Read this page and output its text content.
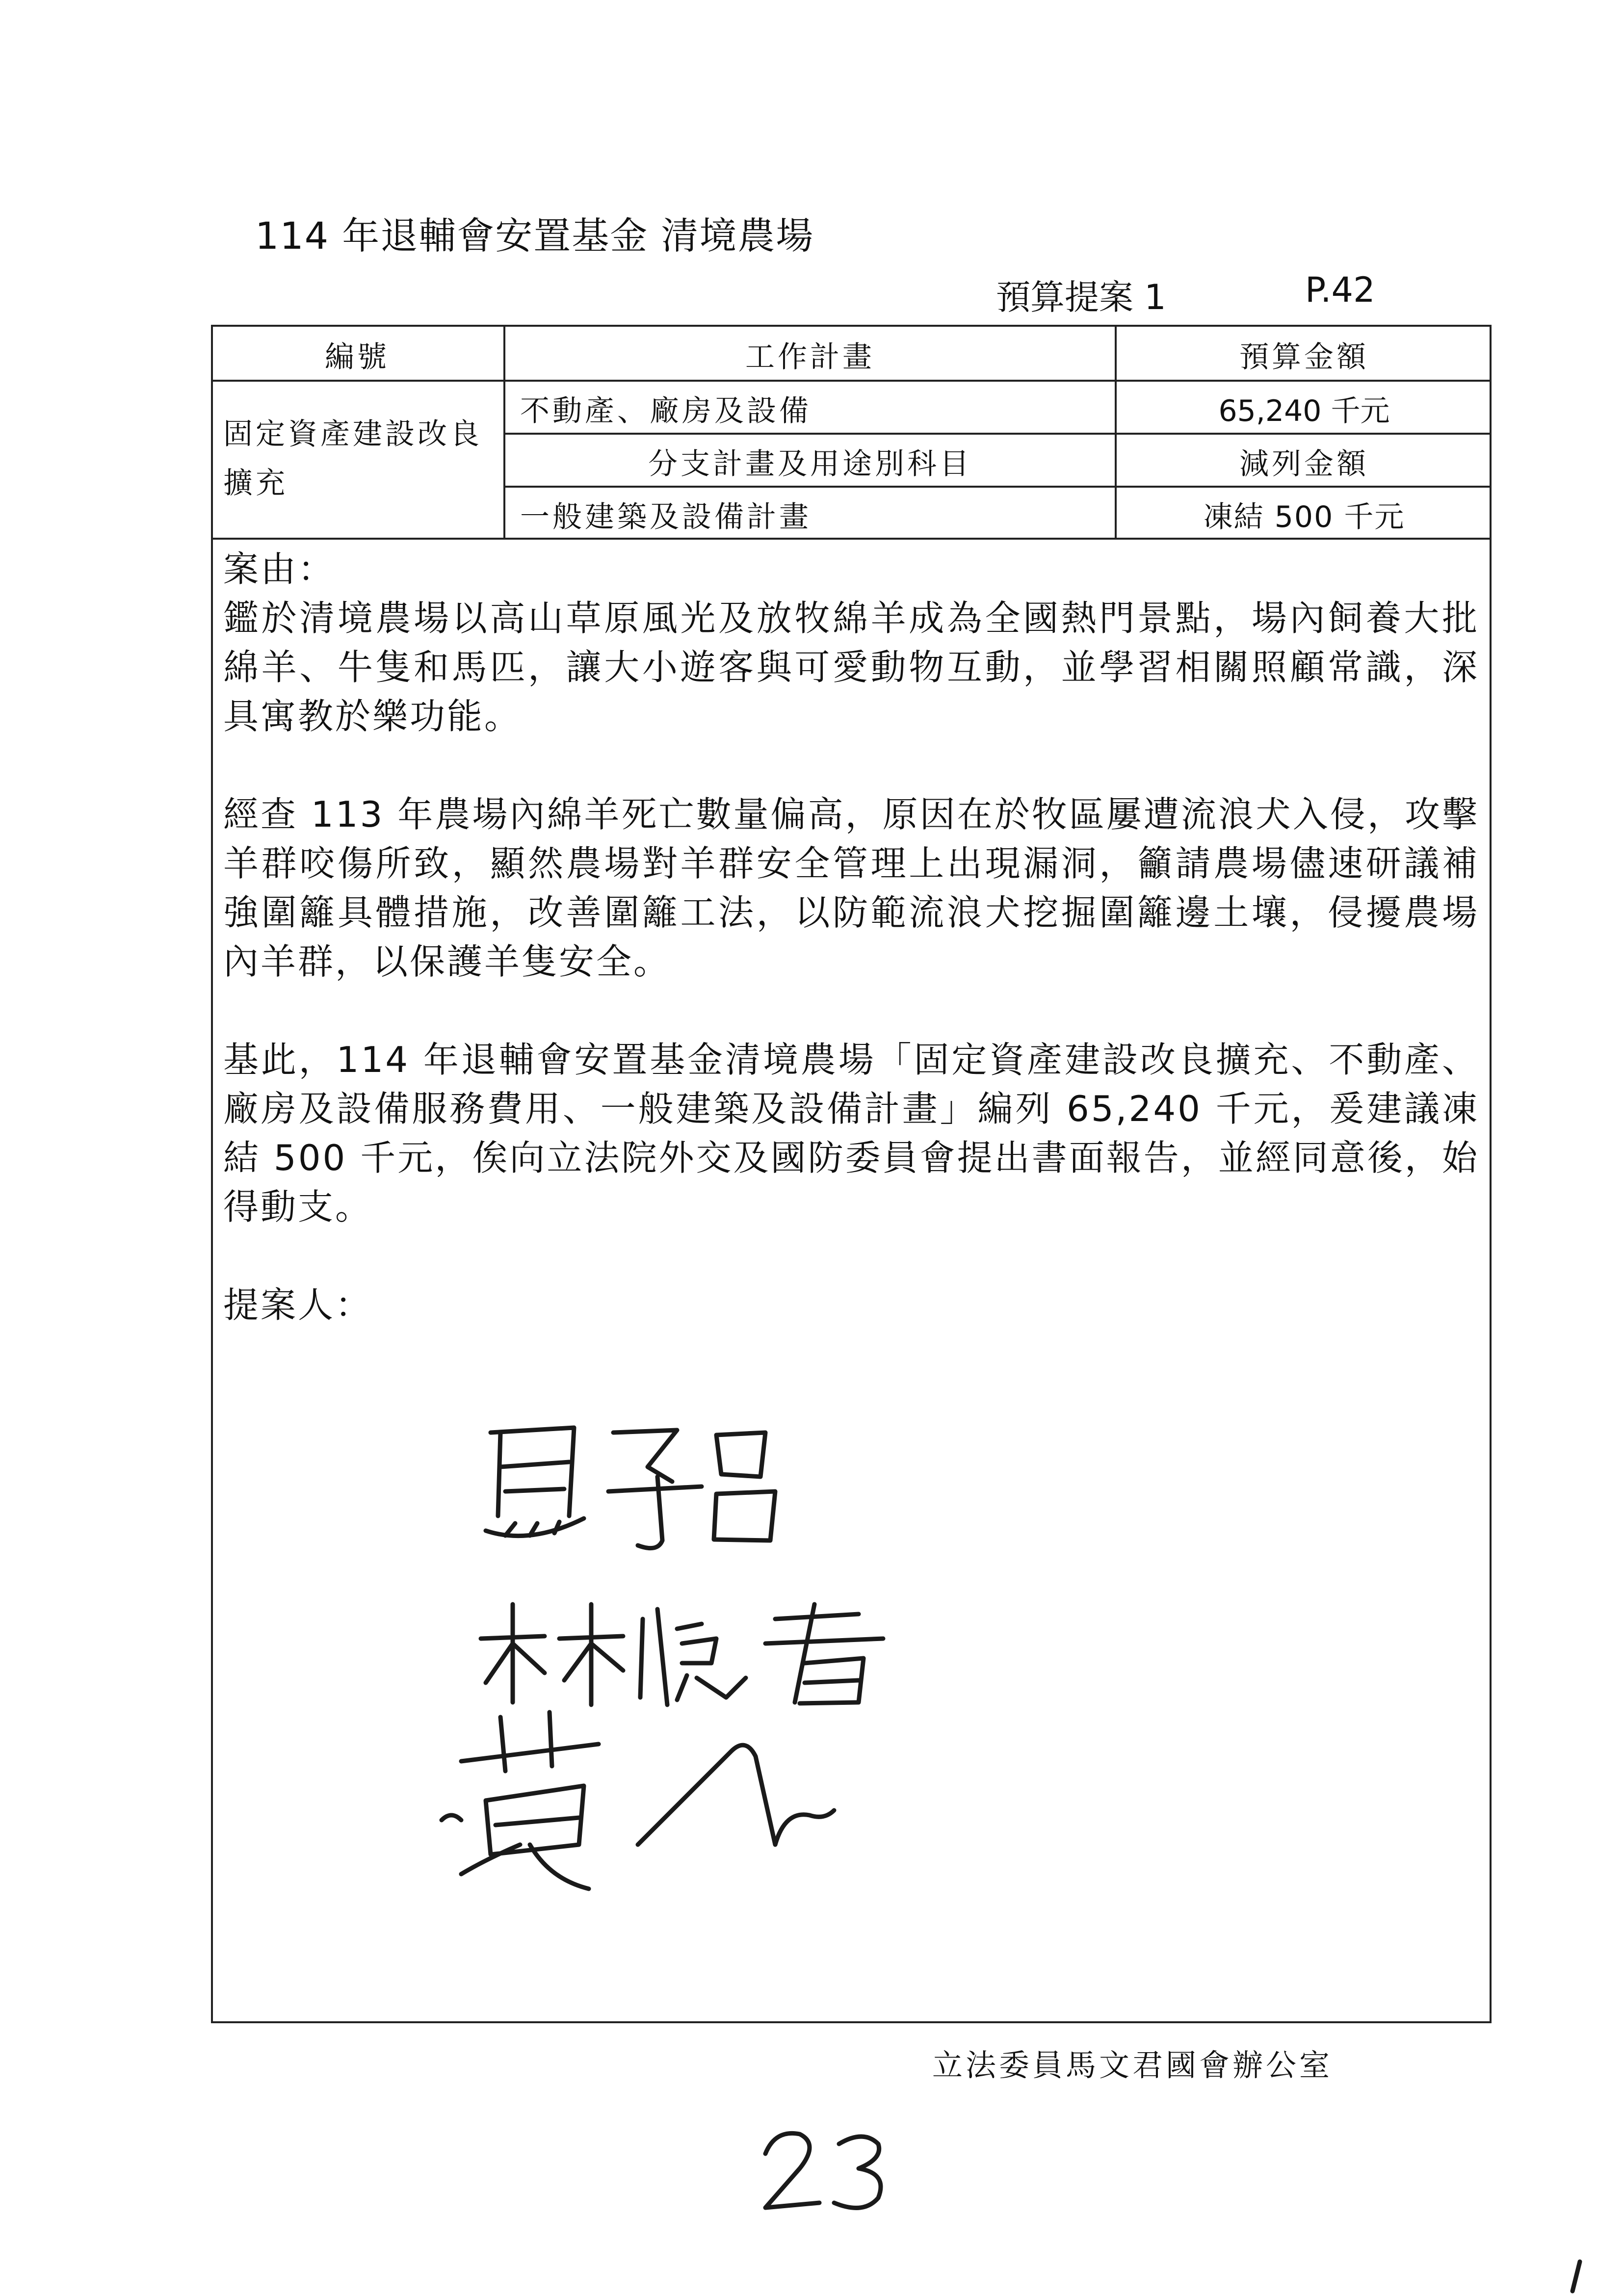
114 年退輔會安置基金 清境農場
預算提案 1	P.42
編號	工作計畫	預算金額
固定資產建設改良擴充
不動產、廠房及設備	65,240 千元
分支計畫及用途別科目	減列金額
一般建築及設備計畫	凍結 500 千元

案由：

鑑於清境農場以高山草原風光及放牧綿羊成為全國熱門景點，場內飼養大批綿羊、牛隻和馬匹，讓大小遊客與可愛動物互動，並學習相關照顧常識，深具寓教於樂功能。

經查 113 年農場內綿羊死亡數量偏高，原因在於牧區屢遭流浪犬入侵，攻擊羊群咬傷所致，顯然農場對羊群安全管理上出現漏洞，籲請農場儘速研議補強圍籬具體措施，改善圍籬工法，以防範流浪犬挖掘圍籬邊土壤，侵擾農場內羊群，以保護羊隻安全。

基此，114 年退輔會安置基金清境農場「固定資產建設改良擴充、不動產、廠房及設備服務費用、一般建築及設備計畫」編列 65,240 千元，爰建議凍結 500 千元，俟向立法院外交及國防委員會提出書面報告，並經同意後，始得動支。

提案人：

立法委員馬文君國會辦公室
